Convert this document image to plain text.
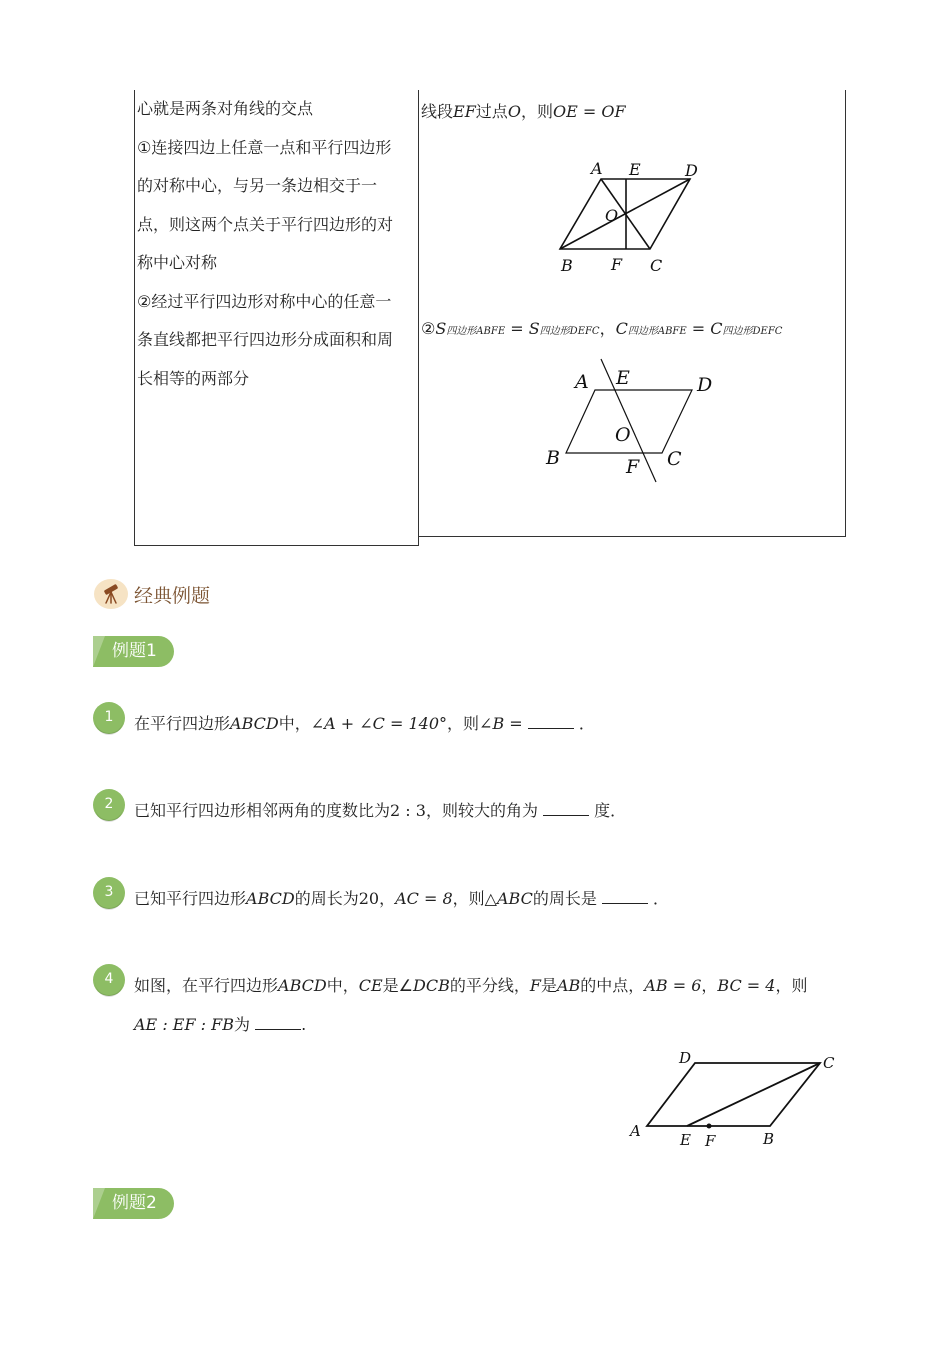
心就是两条对角线的交点
①连接四边上任意一点和平行四边形
的对称中心，与另一条边相交于一
点，则这两个点关于平行四边形的对
称中心对称
②经过平行四边形对称中心的任意一
条直线都把平行四边形分成面积和周
长相等的两部分
线段EF过点O，则OE = OF
A E	D
O
B F C
②S四边形ABFE = S四边形DEFC，C四边形ABFE = C四边形DEFC
A E	D
O
B	F C
经典例题
例题1
1	在平行四边形ABCD中，∠A + ∠C = 140°，则∠B =	．
2	已知平行四边形相邻两角的度数比为2 : 3，则较大的角为	度．
3	已知平行四边形ABCD的周长为20，AC = 8，则△ABC的周长是	．
4	如图，在平行四边形ABCD中，CE是∠DCB的平分线，F是AB的中点，AB = 6，BC = 4，则
AE : EF : FB为	.
D	C
A	E F	B
例题2
